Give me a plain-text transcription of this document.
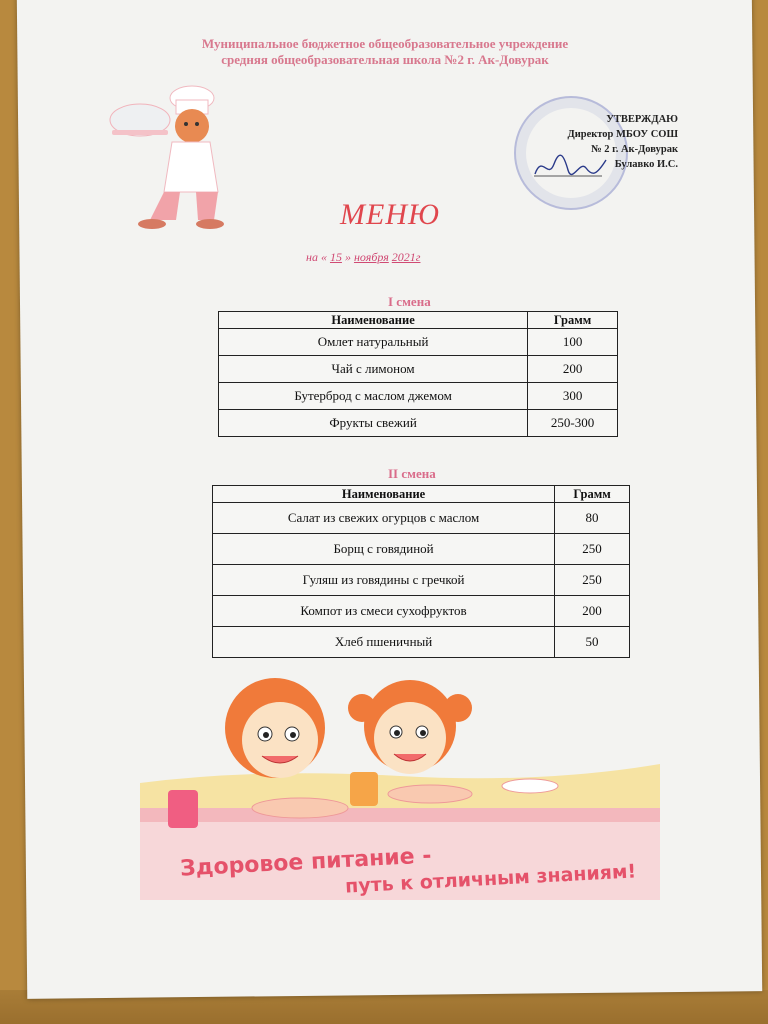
Муниципальное бюджетное общеобразовательное учреждение
средняя общеобразовательная школа №2 г. Ак-Довурак
УТВЕРЖДАЮ
Директор МБОУ СОШ
№ 2 г. Ак-Довурак
Булавко И.С.
МЕНЮ
на « 15 » ноября 2021г
I смена
Наименование	Грамм
Омлет натуральный	100
Чай с лимоном	200
Бутерброд с маслом джемом	300
Фрукты свежий	250-300
II смена
Наименование	Грамм
Салат из свежих огурцов с маслом	80
Борщ с говядиной	250
Гуляш из говядины с гречкой	250
Компот из смеси сухофруктов	200
Хлеб пшеничный	50
Здоровое питание -
путь к отличным знаниям!
